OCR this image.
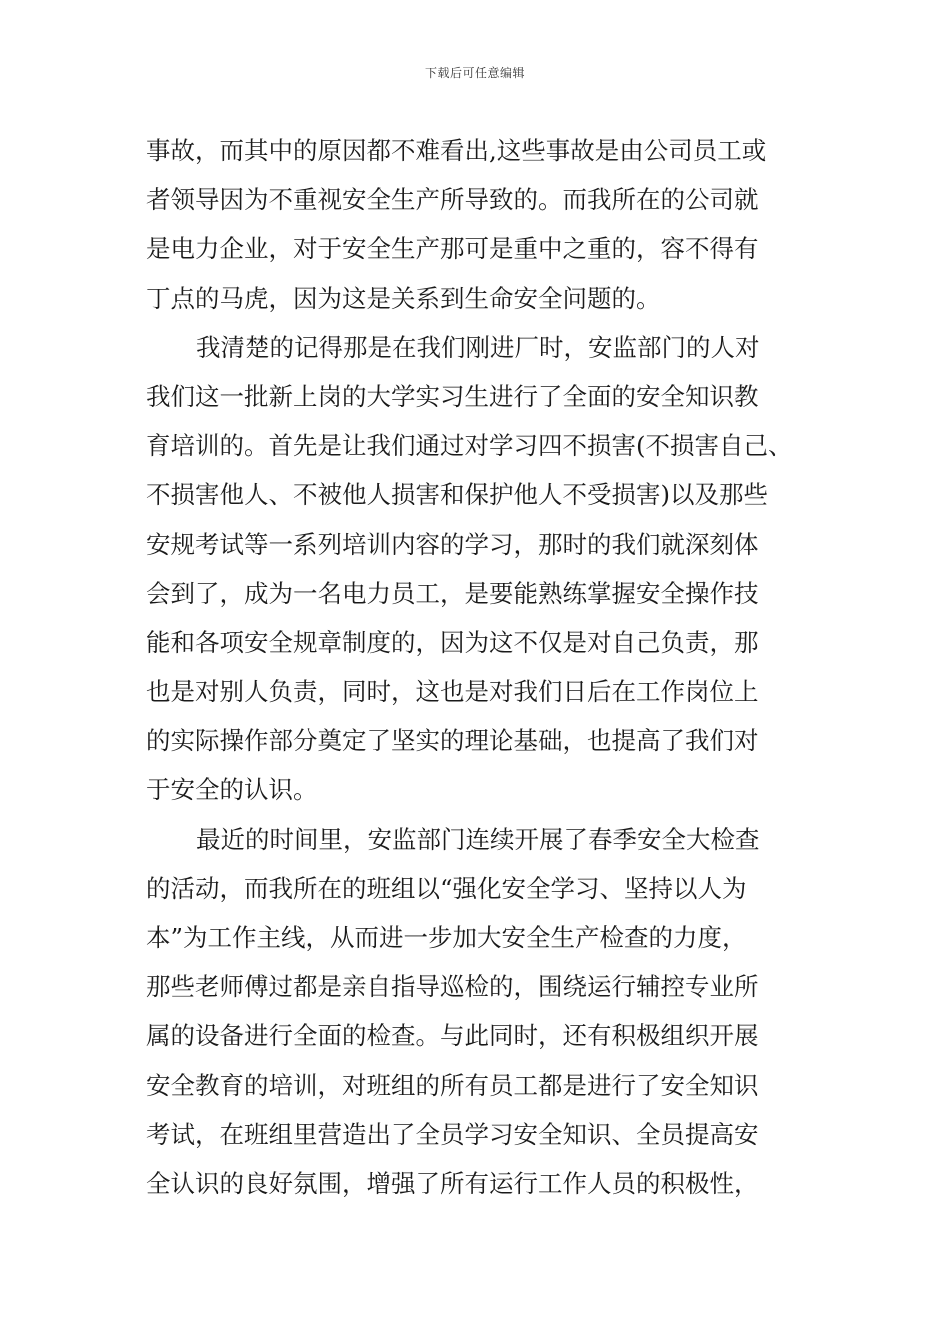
下载后可任意编辑
事故，而其中的原因都不难看出,这些事故是由公司员工或
者领导因为不重视安全生产所导致的。而我所在的公司就
是电力企业，对于安全生产那可是重中之重的，容不得有
丁点的马虎，因为这是关系到生命安全问题的。
我清楚的记得那是在我们刚进厂时，安监部门的人对
我们这一批新上岗的大学实习生进行了全面的安全知识教
育培训的。首先是让我们通过对学习四不损害(不损害自己、
不损害他人、不被他人损害和保护他人不受损害)以及那些
安规考试等一系列培训内容的学习，那时的我们就深刻体
会到了，成为一名电力员工，是要能熟练掌握安全操作技
能和各项安全规章制度的，因为这不仅是对自己负责，那
也是对别人负责，同时，这也是对我们日后在工作岗位上
的实际操作部分奠定了坚实的理论基础，也提高了我们对
于安全的认识。
最近的时间里，安监部门连续开展了春季安全大检查
的活动，而我所在的班组以“强化安全学习、坚持以人为
本”为工作主线，从而进一步加大安全生产检查的力度，
那些老师傅过都是亲自指导巡检的，围绕运行辅控专业所
属的设备进行全面的检查。与此同时，还有积极组织开展
安全教育的培训，对班组的所有员工都是进行了安全知识
考试，在班组里营造出了全员学习安全知识、全员提高安
全认识的良好氛围，增强了所有运行工作人员的积极性，
